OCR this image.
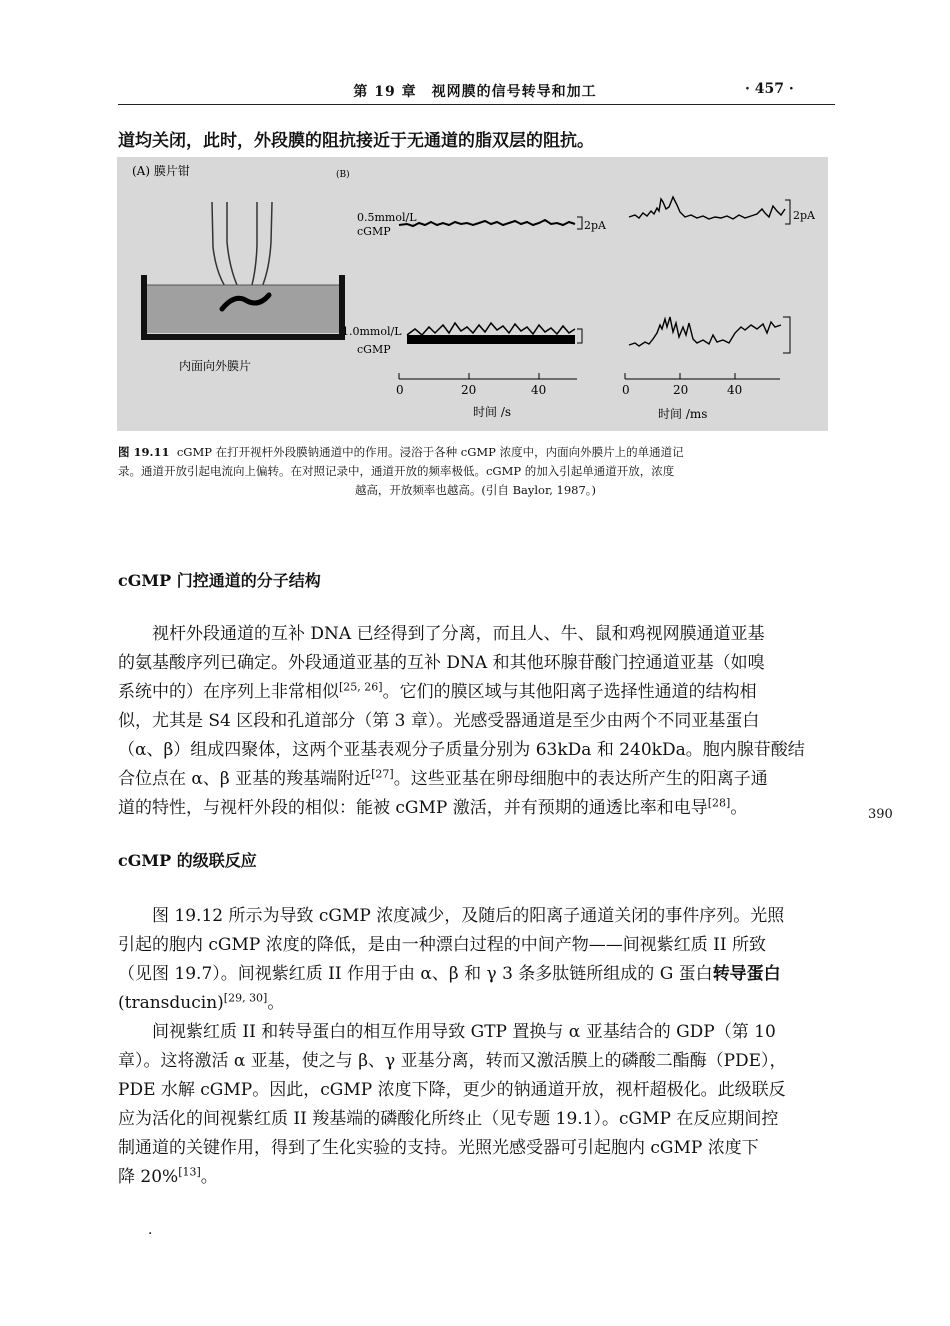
第 19 章　视网膜的信号转导和加工	· 457 ·
道均关闭，此时，外段膜的阻抗接近于无通道的脂双层的阻抗。
(A) 膜片钳
内面向外膜片
(B)
0.5mmol/L
cGMP	2pA
2pA
1.0mmol/L
cGMP
0	20	40
时间 /s
0	20	40
时间 /ms
图 19.11 cGMP 在打开视杆外段膜钠通道中的作用。浸浴于各种 cGMP 浓度中，内面向外膜片上的单通道记
录。通道开放引起电流向上偏转。在对照记录中，通道开放的频率极低。cGMP 的加入引起单通道开放，浓度
越高，开放频率也越高。(引自 Baylor, 1987。)
cGMP 门控通道的分子结构
视杆外段通道的互补 DNA 已经得到了分离，而且人、牛、鼠和鸡视网膜通道亚基
的氨基酸序列已确定。外段通道亚基的互补 DNA 和其他环腺苷酸门控通道亚基（如嗅
系统中的）在序列上非常相似[25, 26]。它们的膜区域与其他阳离子选择性通道的结构相
似，尤其是 S4 区段和孔道部分（第 3 章）。光感受器通道是至少由两个不同亚基蛋白
（α、β）组成四聚体，这两个亚基表观分子质量分别为 63kDa 和 240kDa。胞内腺苷酸结
合位点在 α、β 亚基的羧基端附近[27]。这些亚基在卵母细胞中的表达所产生的阳离子通
道的特性，与视杆外段的相似：能被 cGMP 激活，并有预期的通透比率和电导[28]。	390
cGMP 的级联反应
图 19.12 所示为导致 cGMP 浓度减少，及随后的阳离子通道关闭的事件序列。光照
引起的胞内 cGMP 浓度的降低，是由一种漂白过程的中间产物——间视紫红质 II 所致
（见图 19.7）。间视紫红质 II 作用于由 α、β 和 γ 3 条多肽链所组成的 G 蛋白转导蛋白
(transducin)[29, 30]。
间视紫红质 II 和转导蛋白的相互作用导致 GTP 置换与 α 亚基结合的 GDP（第 10
章）。这将激活 α 亚基，使之与 β、γ 亚基分离，转而又激活膜上的磷酸二酯酶（PDE），
PDE 水解 cGMP。因此，cGMP 浓度下降，更少的钠通道开放，视杆超极化。此级联反
应为活化的间视紫红质 II 羧基端的磷酸化所终止（见专题 19.1）。cGMP 在反应期间控
制通道的关键作用，得到了生化实验的支持。光照光感受器可引起胞内 cGMP 浓度下
降 20%[13]。
·
